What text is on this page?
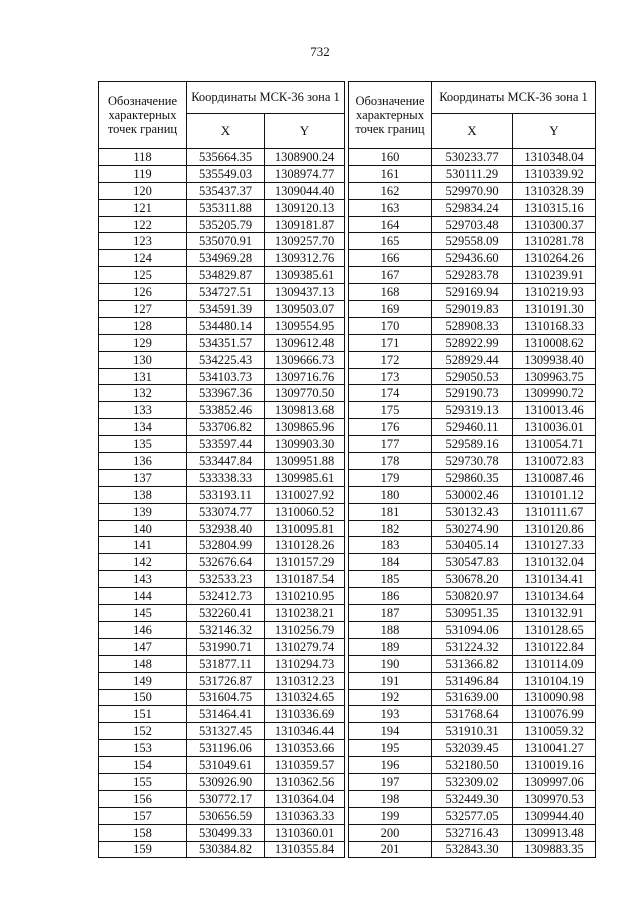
732
Обозначение характерных точек границ	Координаты МСК-36 зона 1	
	X	Y
118	535664.35	1308900.24
119	535549.03	1308974.77
120	535437.37	1309044.40
121	535311.88	1309120.13
122	535205.79	1309181.87
123	535070.91	1309257.70
124	534969.28	1309312.76
125	534829.87	1309385.61
126	534727.51	1309437.13
127	534591.39	1309503.07
128	534480.14	1309554.95
129	534351.57	1309612.48
130	534225.43	1309666.73
131	534103.73	1309716.76
132	533967.36	1309770.50
133	533852.46	1309813.68
134	533706.82	1309865.96
135	533597.44	1309903.30
136	533447.84	1309951.88
137	533338.33	1309985.61
138	533193.11	1310027.92
139	533074.77	1310060.52
140	532938.40	1310095.81
141	532804.99	1310128.26
142	532676.64	1310157.29
143	532533.23	1310187.54
144	532412.73	1310210.95
145	532260.41	1310238.21
146	532146.32	1310256.79
147	531990.71	1310279.74
148	531877.11	1310294.73
149	531726.87	1310312.23
150	531604.75	1310324.65
151	531464.41	1310336.69
152	531327.45	1310346.44
153	531196.06	1310353.66
154	531049.61	1310359.57
155	530926.90	1310362.56
156	530772.17	1310364.04
157	530656.59	1310363.33
158	530499.33	1310360.01
159	530384.82	1310355.84
Обозначение характерных точек границ	Координаты МСК-36 зона 1	
	X	Y
160	530233.77	1310348.04
161	530111.29	1310339.92
162	529970.90	1310328.39
163	529834.24	1310315.16
164	529703.48	1310300.37
165	529558.09	1310281.78
166	529436.60	1310264.26
167	529283.78	1310239.91
168	529169.94	1310219.93
169	529019.83	1310191.30
170	528908.33	1310168.33
171	528922.99	1310008.62
172	528929.44	1309938.40
173	529050.53	1309963.75
174	529190.73	1309990.72
175	529319.13	1310013.46
176	529460.11	1310036.01
177	529589.16	1310054.71
178	529730.78	1310072.83
179	529860.35	1310087.46
180	530002.46	1310101.12
181	530132.43	1310111.67
182	530274.90	1310120.86
183	530405.14	1310127.33
184	530547.83	1310132.04
185	530678.20	1310134.41
186	530820.97	1310134.64
187	530951.35	1310132.91
188	531094.06	1310128.65
189	531224.32	1310122.84
190	531366.82	1310114.09
191	531496.84	1310104.19
192	531639.00	1310090.98
193	531768.64	1310076.99
194	531910.31	1310059.32
195	532039.45	1310041.27
196	532180.50	1310019.16
197	532309.02	1309997.06
198	532449.30	1309970.53
199	532577.05	1309944.40
200	532716.43	1309913.48
201	532843.30	1309883.35
